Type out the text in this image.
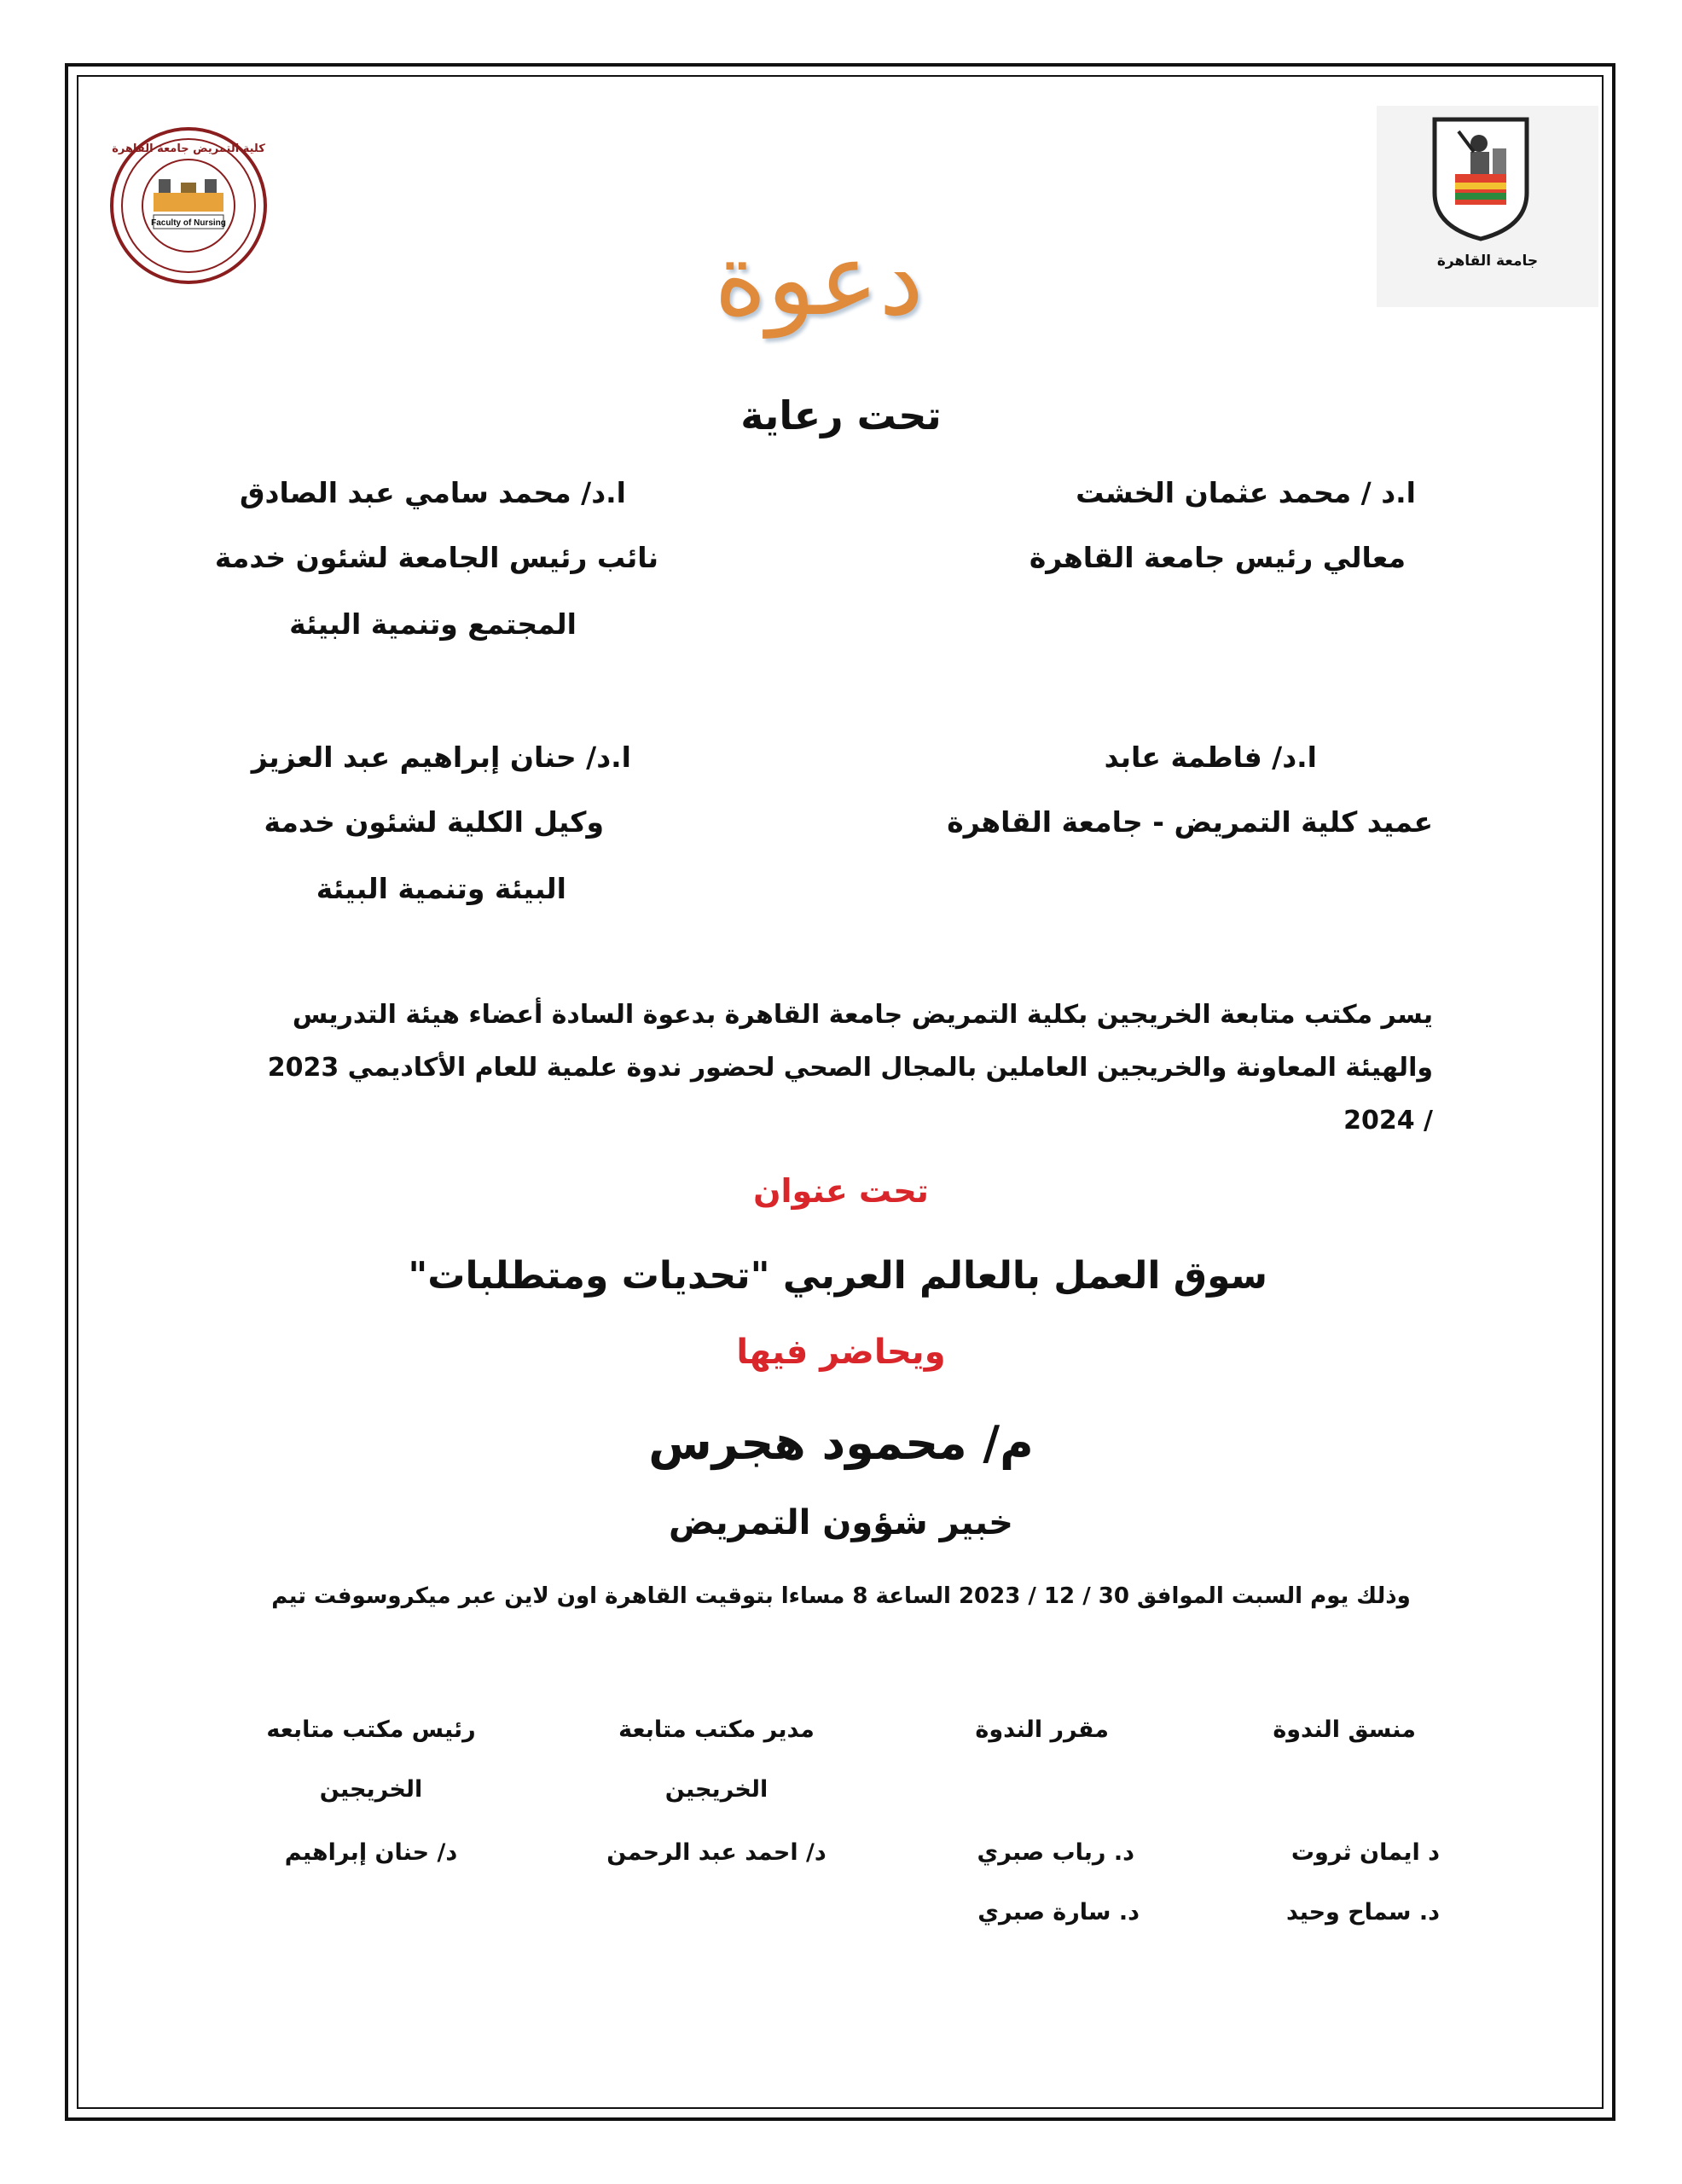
Faculty of Nursing
كلية التمريض جامعة القاهرة
جامعة القاهرة
دعوة
تحت رعاية
ا.د / محمد عثمان الخشت
معالي رئيس جامعة القاهرة
ا.د/ محمد سامي عبد الصادق
نائب رئيس الجامعة لشئون خدمة
المجتمع وتنمية البيئة
ا.د/ فاطمة عابد
عميد كلية التمريض - جامعة القاهرة
ا.د/ حنان إبراهيم عبد العزيز
وكيل الكلية لشئون خدمة
البيئة وتنمية البيئة
يسر مكتب متابعة الخريجين بكلية التمريض جامعة القاهرة بدعوة السادة أعضاء هيئة التدريس
والهيئة المعاونة والخريجين العاملين بالمجال الصحي لحضور ندوة علمية للعام الأكاديمي 2023
/ 2024
تحت عنوان
سوق العمل بالعالم العربي "تحديات ومتطلبات"
ويحاضر فيها
م/ محمود هجرس
خبير شؤون التمريض
وذلك يوم السبت الموافق 30 / 12 / 2023 الساعة 8 مساءا بتوقيت القاهرة اون لاين عبر ميكروسوفت تيم
منسق الندوة
د ايمان ثروت
د. سماح وحيد
مقرر الندوة
د. رباب صبري
د. سارة صبري
مدير مكتب متابعة
الخريجين
د/ احمد عبد الرحمن
رئيس مكتب متابعه
الخريجين
د/ حنان إبراهيم
